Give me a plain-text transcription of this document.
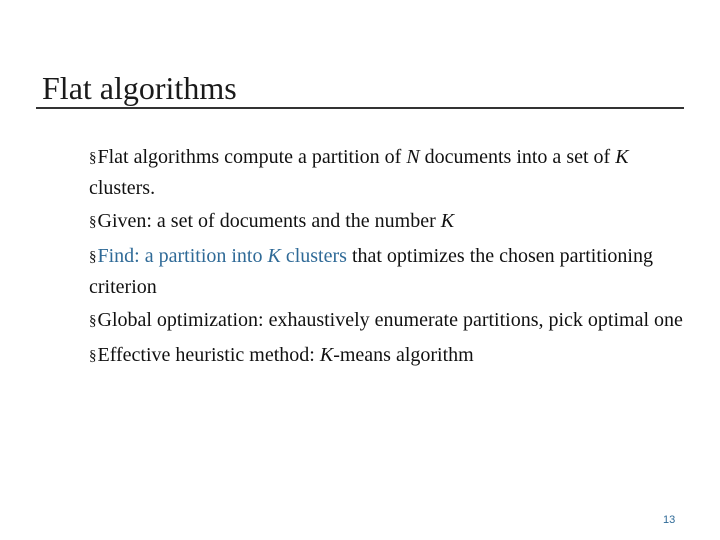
Flat algorithms
§Flat algorithms compute a partition of N documents into a set of K clusters.
§Given: a set of documents and the number K
§Find: a partition into K clusters that optimizes the chosen partitioning criterion
§Global optimization: exhaustively enumerate partitions, pick optimal one
§Effective heuristic method: K-means algorithm
13
